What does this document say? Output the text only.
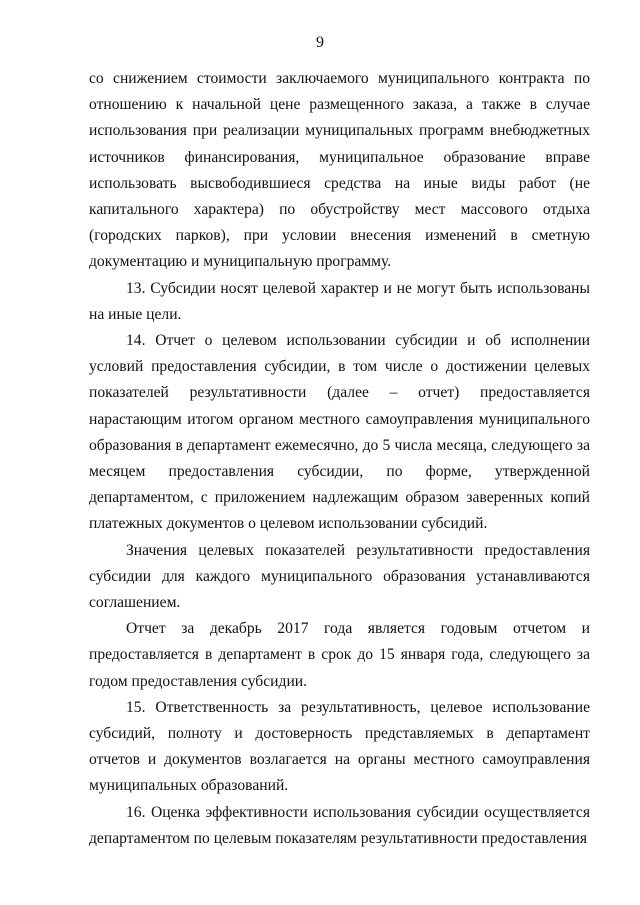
9

со снижением стоимости заключаемого муниципального контракта по отношению к начальной цене размещенного заказа, а также в случае использования при реализации муниципальных программ внебюджетных источников финансирования, муниципальное образование вправе использовать высвободившиеся средства на иные виды работ (не капитального характера) по обустройству мест массового отдыха (городских парков), при условии внесения изменений в сметную документацию и муниципальную программу.

13. Субсидии носят целевой характер и не могут быть использованы на иные цели.

14. Отчет о целевом использовании субсидии и об исполнении условий предоставления субсидии, в том числе о достижении целевых показателей результативности (далее – отчет) предоставляется нарастающим итогом органом местного самоуправления муниципального образования в департамент ежемесячно, до 5 числа месяца, следующего за месяцем предоставления субсидии, по форме, утвержденной департаментом, с приложением надлежащим образом заверенных копий платежных документов о целевом использовании субсидий.

Значения целевых показателей результативности предоставления субсидии для каждого муниципального образования устанавливаются соглашением.

Отчет за декабрь 2017 года является годовым отчетом и предоставляется в департамент в срок до 15 января года, следующего за годом предоставления субсидии.

15. Ответственность за результативность, целевое использование субсидий, полноту и достоверность представляемых в департамент отчетов и документов возлагается на органы местного самоуправления муниципальных образований.

16. Оценка эффективности использования субсидии осуществляется департаментом по целевым показателям результативности предоставления
